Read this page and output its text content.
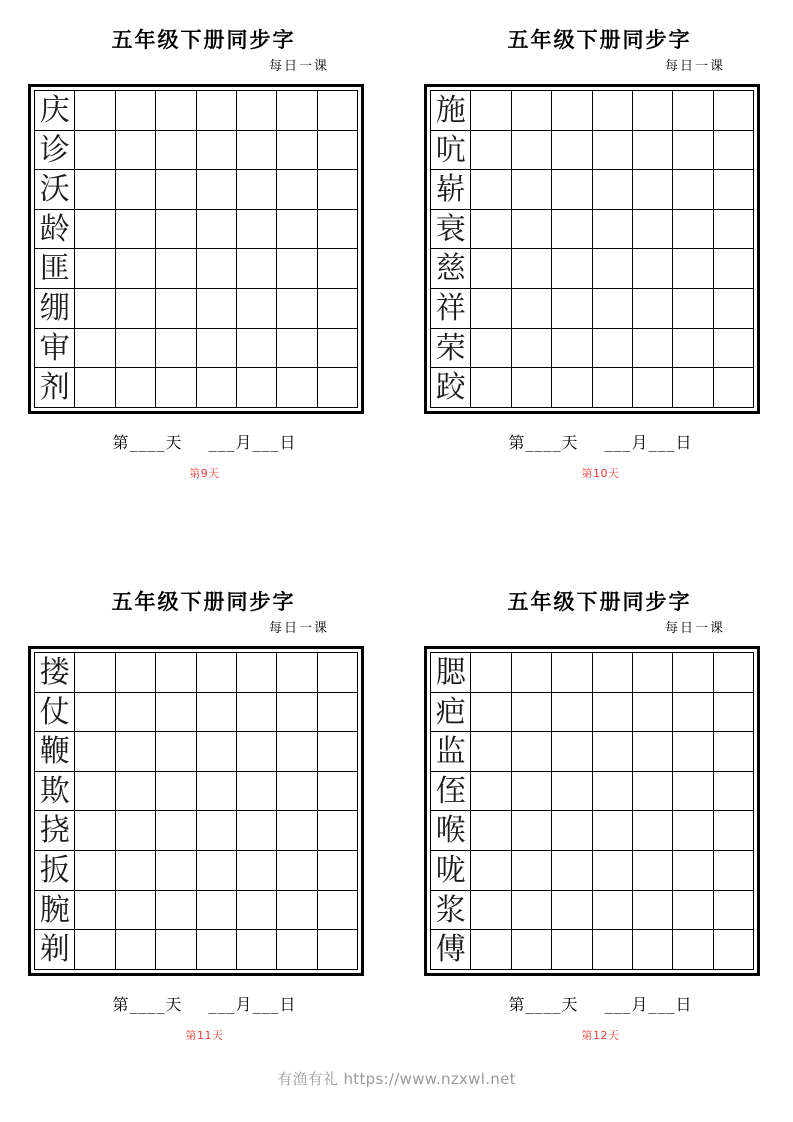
五年级下册同步字
每日一课
庆
诊
沃
龄
匪
绷
审
剂
第____天 ___月___日
第9天
五年级下册同步字
每日一课
施
吭
崭
衰
慈
祥
荣
跤
第____天 ___月___日
第10天
五年级下册同步字
每日一课
搂
仗
鞭
欺
挠
扳
腕
剃
第____天 ___月___日
第11天
五年级下册同步字
每日一课
腮
疤
监
侄
喉
咙
浆
傅
第____天 ___月___日
第12天
有渔有礼 https://www.nzxwl.net
